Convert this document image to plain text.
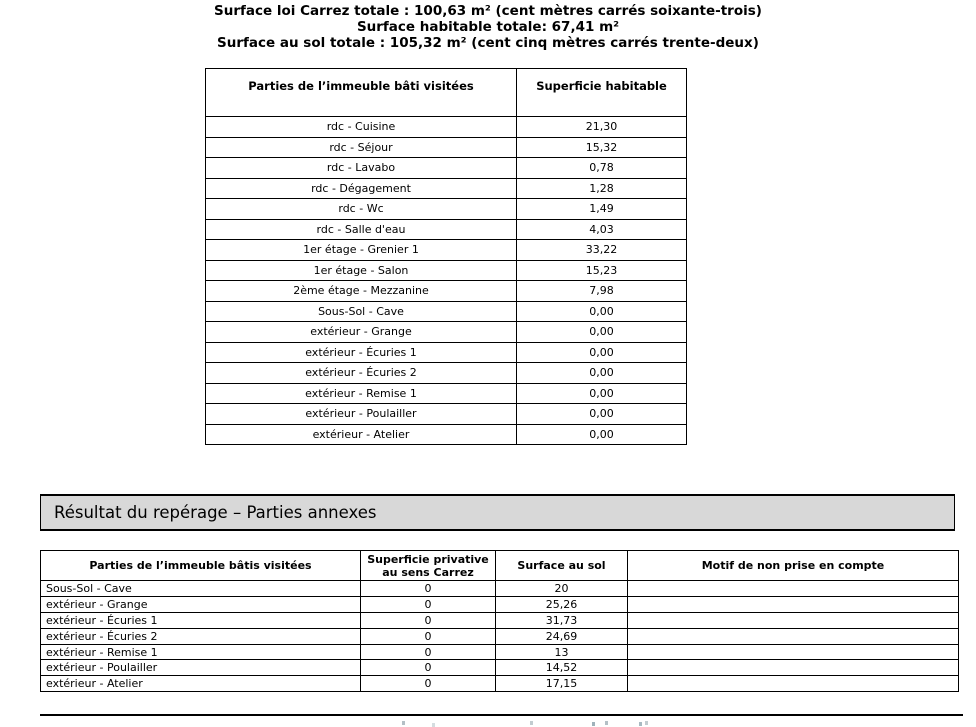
Surface loi Carrez totale : 100,63 m² (cent mètres carrés soixante-trois)
Surface habitable totale: 67,41 m²
Surface au sol totale : 105,32 m² (cent cinq mètres carrés trente-deux)
Parties de l’immeuble bâti visitées	Superficie habitable
rdc - Cuisine	21,30
rdc - Séjour	15,32
rdc - Lavabo	0,78
rdc - Dégagement	1,28
rdc - Wc	1,49
rdc - Salle d'eau	4,03
1er étage - Grenier 1	33,22
1er étage - Salon	15,23
2ème étage - Mezzanine	7,98
Sous-Sol - Cave	0,00
extérieur - Grange	0,00
extérieur - Écuries 1	0,00
extérieur - Écuries 2	0,00
extérieur - Remise 1	0,00
extérieur - Poulailler	0,00
extérieur - Atelier	0,00
Résultat du repérage – Parties annexes
Parties de l’immeuble bâtis visitées	Superficie privative au sens Carrez	Surface au sol	Motif de non prise en compte
Sous-Sol - Cave	0	20	
extérieur - Grange	0	25,26	
extérieur - Écuries 1	0	31,73	
extérieur - Écuries 2	0	24,69	
extérieur - Remise 1	0	13	
extérieur - Poulailler	0	14,52	
extérieur - Atelier	0	17,15	
